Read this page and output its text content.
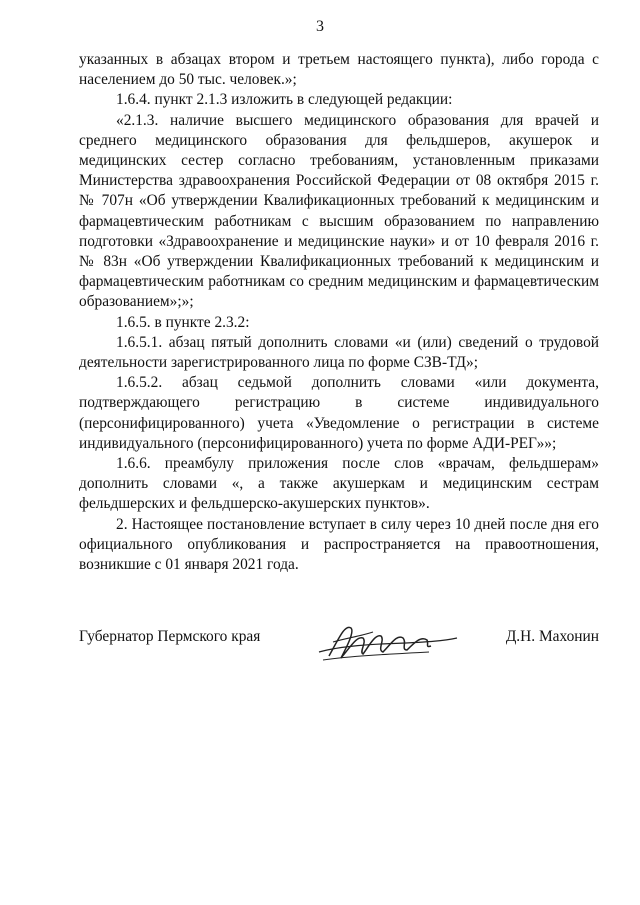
3

указанных в абзацах втором и третьем настоящего пункта), либо города с населением до 50 тыс. человек.»;

1.6.4. пункт 2.1.3 изложить в следующей редакции:

«2.1.3. наличие высшего медицинского образования для врачей и среднего медицинского образования для фельдшеров, акушерок и медицинских сестер согласно требованиям, установленным приказами Министерства здравоохранения Российской Федерации от 08 октября 2015 г. № 707н «Об утверждении Квалификационных требований к медицинским и фармацевтическим работникам с высшим образованием по направлению подготовки «Здравоохранение и медицинские науки» и от 10 февраля 2016 г. № 83н «Об утверждении Квалификационных требований к медицинским и фармацевтическим работникам со средним медицинским и фармацевтическим образованием»;»;

1.6.5. в пункте 2.3.2:

1.6.5.1. абзац пятый дополнить словами «и (или) сведений о трудовой деятельности зарегистрированного лица по форме СЗВ-ТД»;

1.6.5.2. абзац седьмой дополнить словами «или документа, подтверждающего регистрацию в системе индивидуального (персонифицированного) учета «Уведомление о регистрации в системе индивидуального (персонифицированного) учета по форме АДИ-РЕГ»»;

1.6.6. преамбулу приложения после слов «врачам, фельдшерам» дополнить словами «, а также акушеркам и медицинским сестрам фельдшерских и фельдшерско-акушерских пунктов».

2. Настоящее постановление вступает в силу через 10 дней после дня его официального опубликования и распространяется на правоотношения, возникшие с 01 января 2021 года.

Губернатор Пермского края	Д.Н. Махонин
